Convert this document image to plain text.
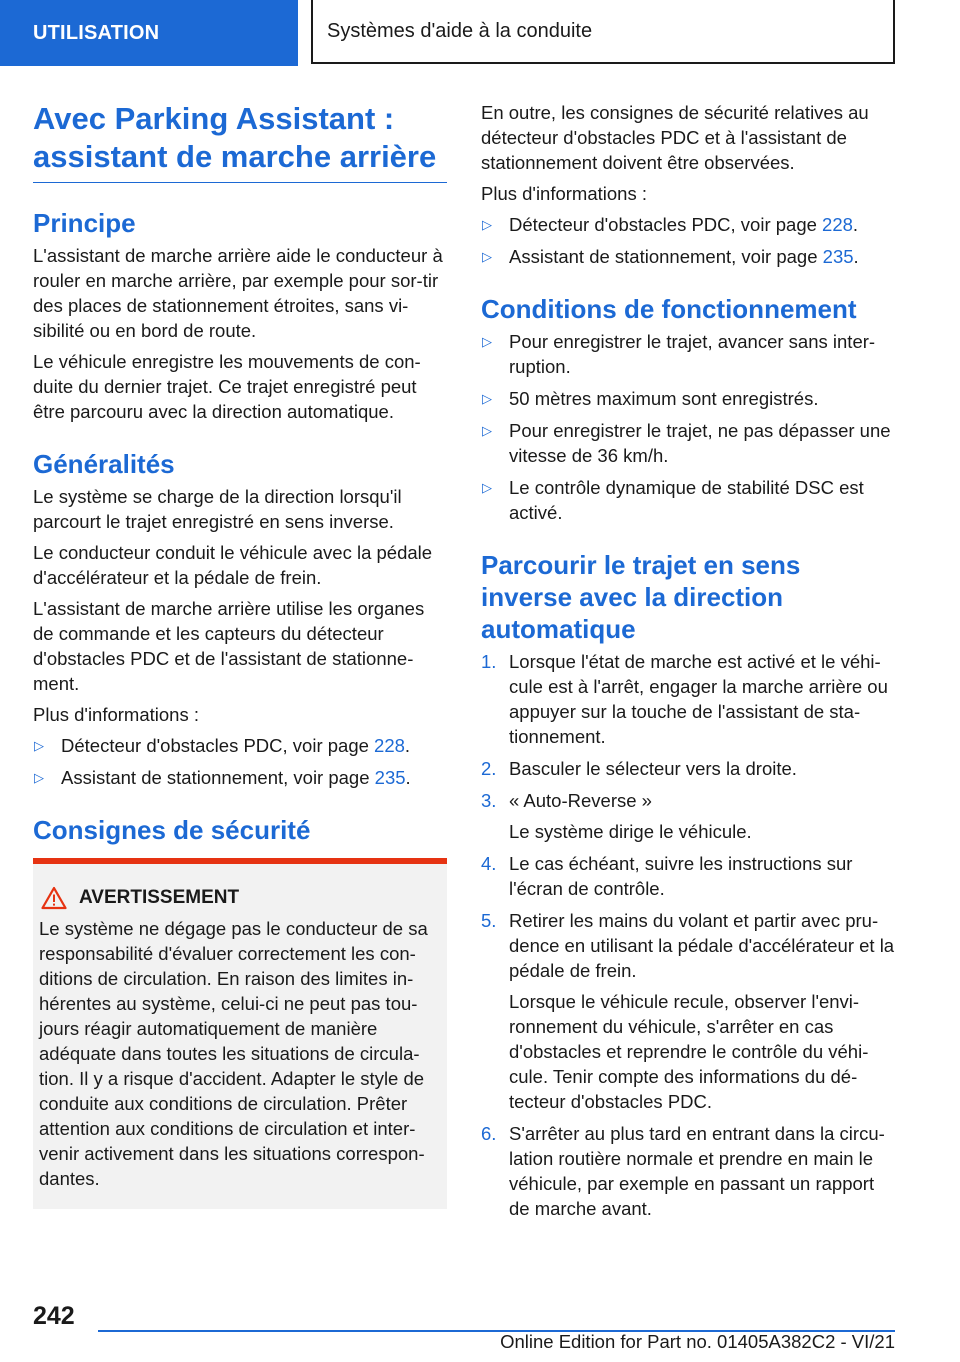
UTILISATION	Systèmes d'aide à la conduite
Avec Parking Assistant : assistant de marche arrière
Principe

L'assistant de marche arrière aide le conducteur à rouler en marche arrière, par exemple pour sor-tir des places de stationnement étroites, sans vi-sibilité ou en bord de route.

Le véhicule enregistre les mouvements de con-duite du dernier trajet. Ce trajet enregistré peut être parcouru avec la direction automatique.

Généralités

Le système se charge de la direction lorsqu'il parcourt le trajet enregistré en sens inverse.

Le conducteur conduit le véhicule avec la pédale d'accélérateur et la pédale de frein.

L'assistant de marche arrière utilise les organes de commande et les capteurs du détecteur d'obstacles PDC et de l'assistant de stationne-ment.

Plus d'informations :

▷ Détecteur d'obstacles PDC, voir page 228.
▷ Assistant de stationnement, voir page 235.
Consignes de sécurité
AVERTISSEMENT

Le système ne dégage pas le conducteur de sa responsabilité d'évaluer correctement les con-ditions de circulation. En raison des limites in-hérentes au système, celui-ci ne peut pas tou-jours réagir automatiquement de manière adéquate dans toutes les situations de circula-tion. Il y a risque d'accident. Adapter le style de conduite aux conditions de circulation. Prêter attention aux conditions de circulation et inter-venir activement dans les situations correspon-dantes.

En outre, les consignes de sécurité relatives au détecteur d'obstacles PDC et à l'assistant de stationnement doivent être observées.

Plus d'informations :

▷ Détecteur d'obstacles PDC, voir page 228.
▷ Assistant de stationnement, voir page 235.
Conditions de fonctionnement
▷ Pour enregistrer le trajet, avancer sans inter-ruption.
▷ 50 mètres maximum sont enregistrés.
▷ Pour enregistrer le trajet, ne pas dépasser une vitesse de 36 km/h.
▷ Le contrôle dynamique de stabilité DSC est activé.
Parcourir le trajet en sens inverse avec la direction automatique
1. Lorsque l'état de marche est activé et le véhi-cule est à l'arrêt, engager la marche arrière ou appuyer sur la touche de l'assistant de sta-tionnement.
2. Basculer le sélecteur vers la droite.
3. « Auto-Reverse »

Le système dirige le véhicule.

4. Le cas échéant, suivre les instructions sur l'écran de contrôle.
5. Retirer les mains du volant et partir avec pru-dence en utilisant la pédale d'accélérateur et la pédale de frein.

Lorsque le véhicule recule, observer l'envi-ronnement du véhicule, s'arrêter en cas d'obstacles et reprendre le contrôle du véhi-cule. Tenir compte des informations du dé-tecteur d'obstacles PDC.

6. S'arrêter au plus tard en entrant dans la circu-lation routière normale et prendre en main le véhicule, par exemple en passant un rapport de marche avant.
242
Online Edition for Part no. 01405A382C2 - VI/21
